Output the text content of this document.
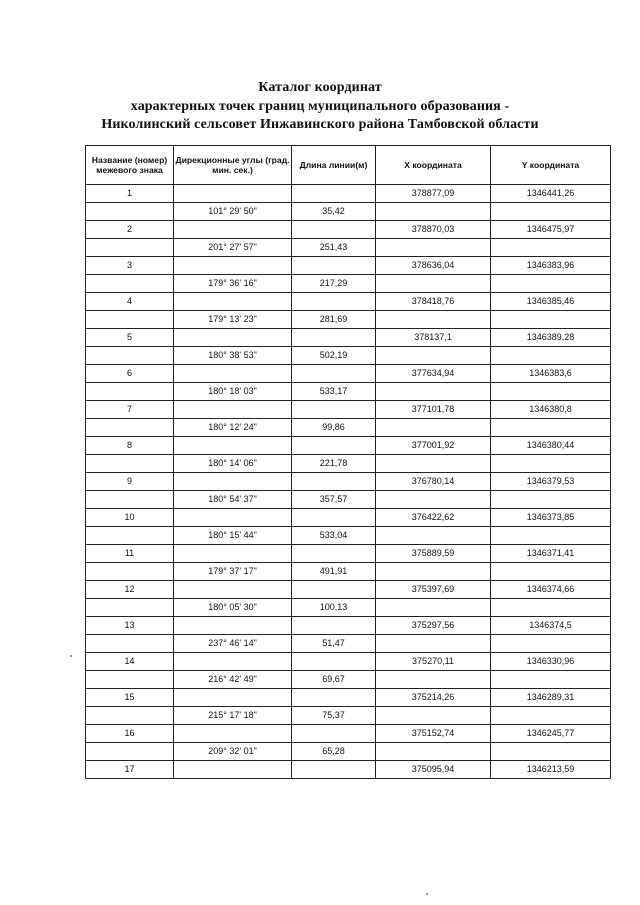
Каталог координат
характерных точек границ муниципального образования -
Николинский сельсовет Инжавинского района Тамбовской области
Название (номер) межевого знака	Дирекционные углы (град. мин. сек.)	Длина линии(м)	X координата	Y координата
1			378877,09	1346441,26
	101° 29' 50"	35,42		
2			378870,03	1346475,97
	201° 27' 57"	251,43		
3			378636,04	1346383,96
	179° 36' 16"	217,29		
4			378418,76	1346385,46
	179° 13' 23"	281,69		
5			378137,1	1346389,28
	180° 38' 53"	502,19		
6			377634,94	1346383,6
	180° 18' 03"	533,17		
7			377101,78	1346380,8
	180° 12' 24"	99,86		
8			377001,92	1346380,44
	180° 14' 06"	221,78		
9			376780,14	1346379,53
	180° 54' 37"	357,57		
10			376422,62	1346373,85
	180° 15' 44"	533,04		
11			375889,59	1346371,41
	179° 37' 17"	491,91		
12			375397,69	1346374,66
	180° 05' 30"	100,13		
13			375297,56	1346374,5
	237° 46' 14"	51,47		
14			375270,11	1346330,96
	216° 42' 49"	69,67		
15			375214,26	1346289,31
	215° 17' 18"	75,37		
16			375152,74	1346245,77
	209° 32' 01"	65,28		
17			375095,94	1346213,59
